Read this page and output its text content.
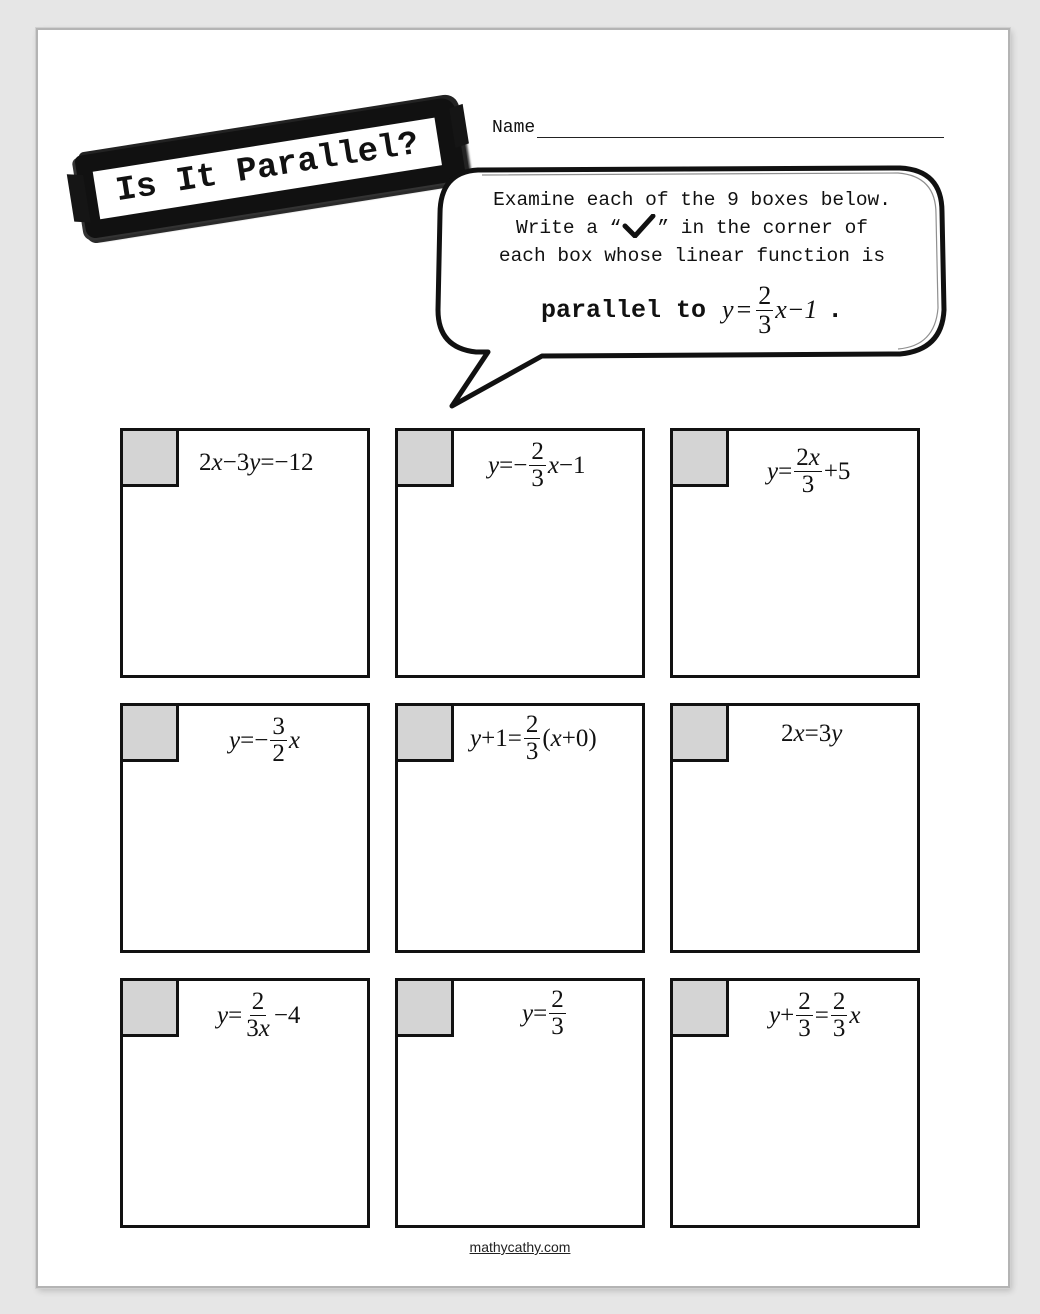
Is It Parallel?	Name
Examine each of the 9 boxes below.
Write a “ ” in the corner of
each box whose linear function is
parallel to $y = \frac{2}{3} x-1$ .
2x−3y=−12	$y=- \frac{2}{3} x-1$	$y= \frac{2x}{3} +5$
$y=- \frac{3}{2}$ x	$y+1= \frac{2}{3} (x+0)$	2x=3y
$y= \frac{2}{3x} -4$	$y= \frac{2}{3}$	$y+ \frac{2}{3} = \frac{2}{3}$ x
mathycathy.com
